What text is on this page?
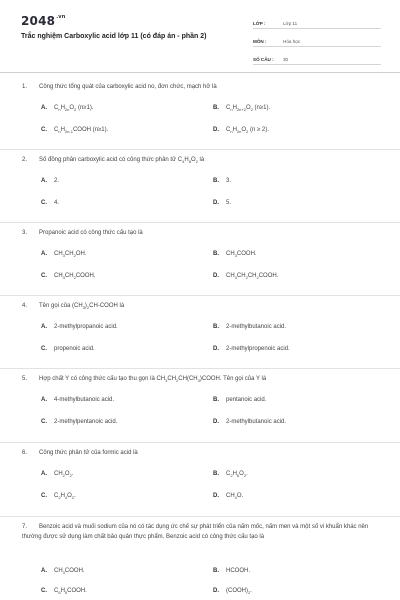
$2048^{.vn}$
Trắc nghiệm Carboxylic acid lớp 11 (có đáp án - phần 2)
LỚP :	Lớp 11
MÔN :	Hóa học
SỐ CÂU :	30
1. Công thức tổng quát của carboxylic acid no, đơn chức, mạch hở là
A. $C_nH_{2n}O_2$ (n≥1).	B. $C_nH_{2n+2}O_2$ (n≥1).
C. $C_nH_{2n-1}COOH$ (n≥1).	D. $C_nH_{2n}O_2$ (n ≥ 2).
2. Số đồng phân carboxylic acid có công thức phân tử $C_4H_8O_2$ là
A. 2.	B. 3.
C. 4.	D. 5.
3. Propanoic acid có công thức cấu tạo là
A. $CH_3CH_2OH$.	B. $CH_3COOH$.
C. $CH_3CH_2COOH$.	D. $CH_3CH_2CH_2COOH$.
4. Tên gọi của $(CH_3)_2CH$-COOH là
A. 2-methylpropanoic acid.	B. 2-methylbutanoic acid.
C. propenoic acid.	D. 2-methylpropenoic acid.
5. Hợp chất Y có công thức cấu tạo thu gọn là $CH_3CH_2CH(CH_3)COOH$. Tên gọi của Y là
A. 4-methylbutanoic acid.	B. pentanoic acid.
C. 2-methylpentanoic acid.	D. 2-methylbutanoic acid.
6. Công thức phân tử của formic acid là
A. $CH_2O_2$.	B. $C_2H_6O_2$.
C. $C_2H_4O_2$.	D. $CH_4O$.
7. Benzoic acid và muối sodium của nó có tác dụng ức chế sự phát triển của nấm mốc, nấm men và một số vi khuẩn khác nên thường được sử dụng làm chất bảo quản thực phẩm. Benzoic acid có công thức cấu tạo là
A. $CH_3COOH$.	B. HCOOH.
C. $C_6H_5COOH$.	D. $(COOH)_2$.
